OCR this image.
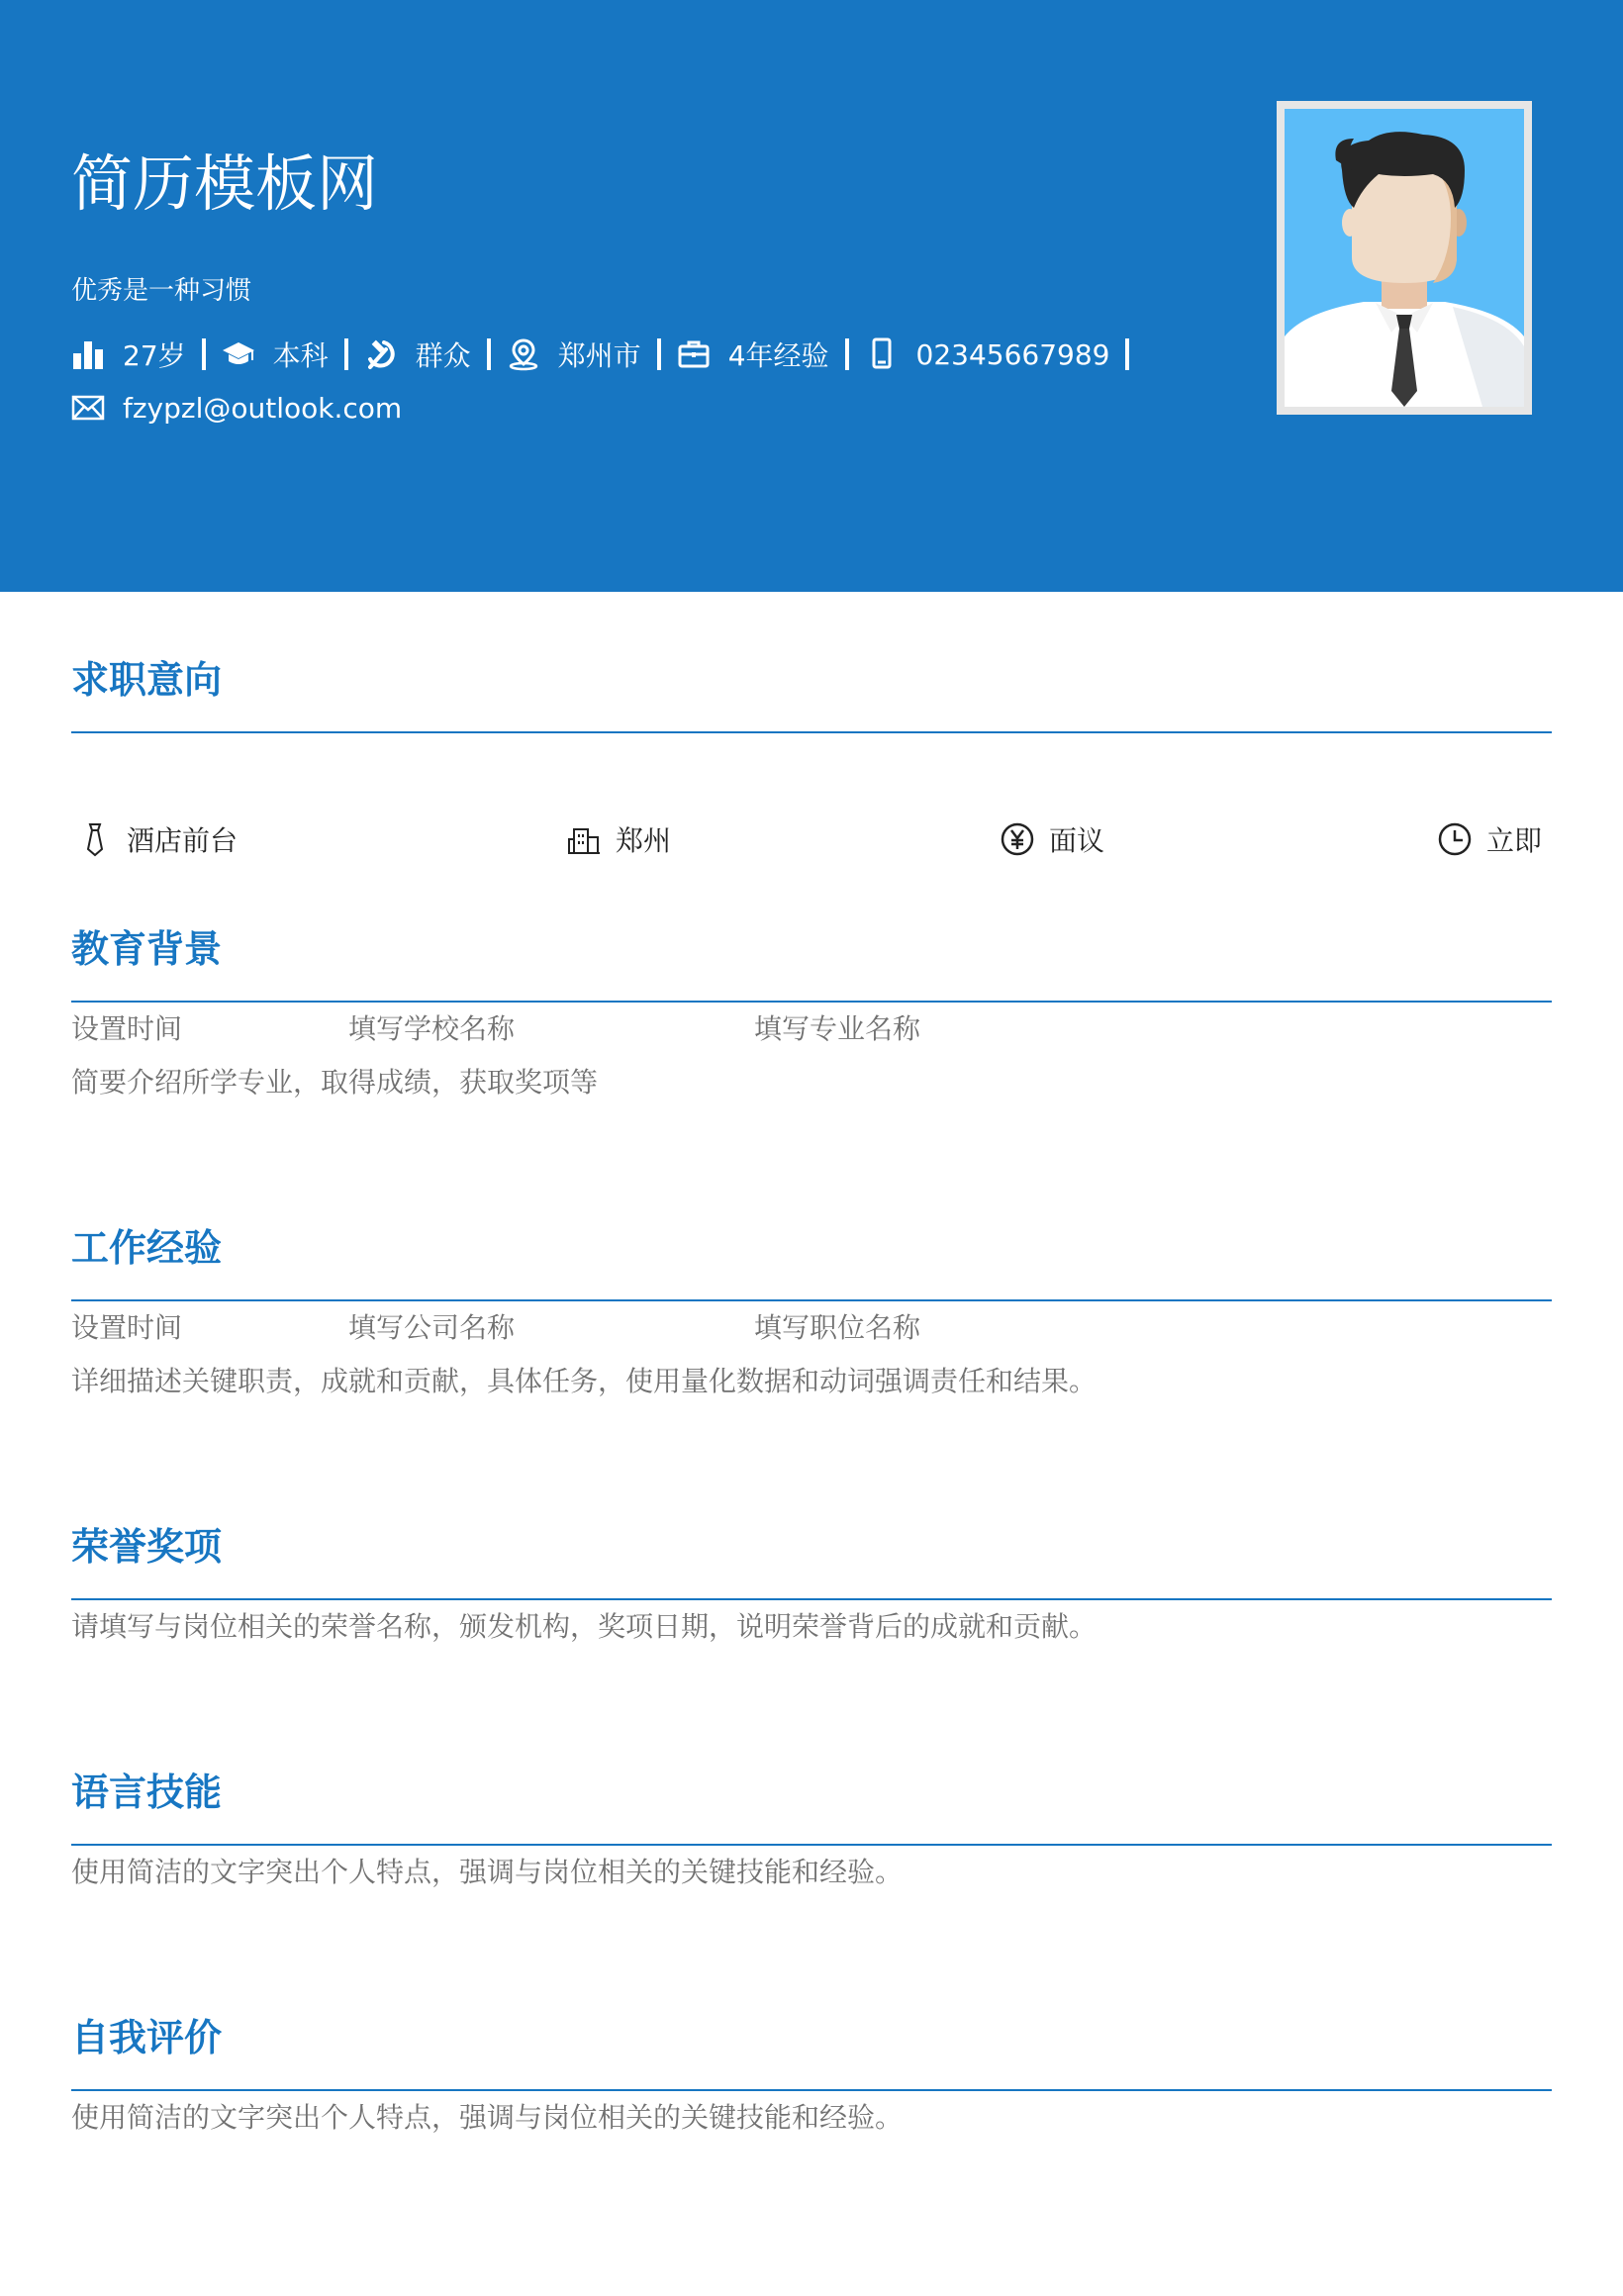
简历模板网
优秀是一种习惯
27岁	本科	群众	郑州市	4年经验	02345667989
fzypzl@outlook.com
求职意向
酒店前台	郑州	面议	立即
教育背景
设置时间	填写学校名称	填写专业名称
简要介绍所学专业，取得成绩，获取奖项等
工作经验
设置时间	填写公司名称	填写职位名称
详细描述关键职责，成就和贡献，具体任务，使用量化数据和动词强调责任和结果。
荣誉奖项
请填写与岗位相关的荣誉名称，颁发机构，奖项日期，说明荣誉背后的成就和贡献。
语言技能
使用简洁的文字突出个人特点，强调与岗位相关的关键技能和经验。
自我评价
使用简洁的文字突出个人特点，强调与岗位相关的关键技能和经验。
